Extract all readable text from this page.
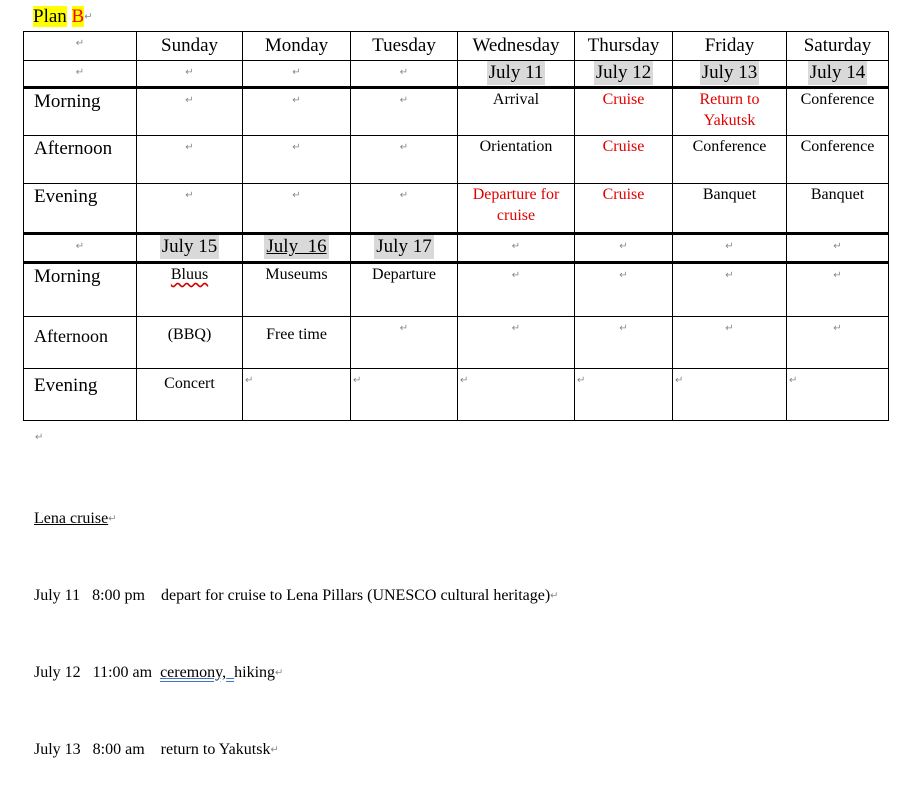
Plan B↵
↵	Sunday	Monday	Tuesday	Wednesday	Thursday	Friday	Saturday
↵	↵	↵	↵	July 11	July 12	July 13	July 14
Morning	↵	↵	↵	Arrival	Cruise	Return to Yakutsk	Conference
Afternoon	↵	↵	↵	Orientation	Cruise	Conference	Conference
Evening	↵	↵	↵	Departure for cruise	Cruise	Banquet	Banquet
↵	July 15	July  16	July 17	↵	↵	↵	↵
Morning	Bluus	Museums	Departure	↵	↵	↵	↵
Afternoon	(BBQ)	Free time	↵	↵	↵	↵	↵
Evening	Concert	↵	↵	↵	↵	↵	↵
↵

Lena cruise↵

July 11 8:00 pm depart for cruise to Lena Pillars (UNESCO cultural heritage)↵

July 12 11:00 am ceremony, hiking↵

July 13 8:00 am return to Yakutsk↵
